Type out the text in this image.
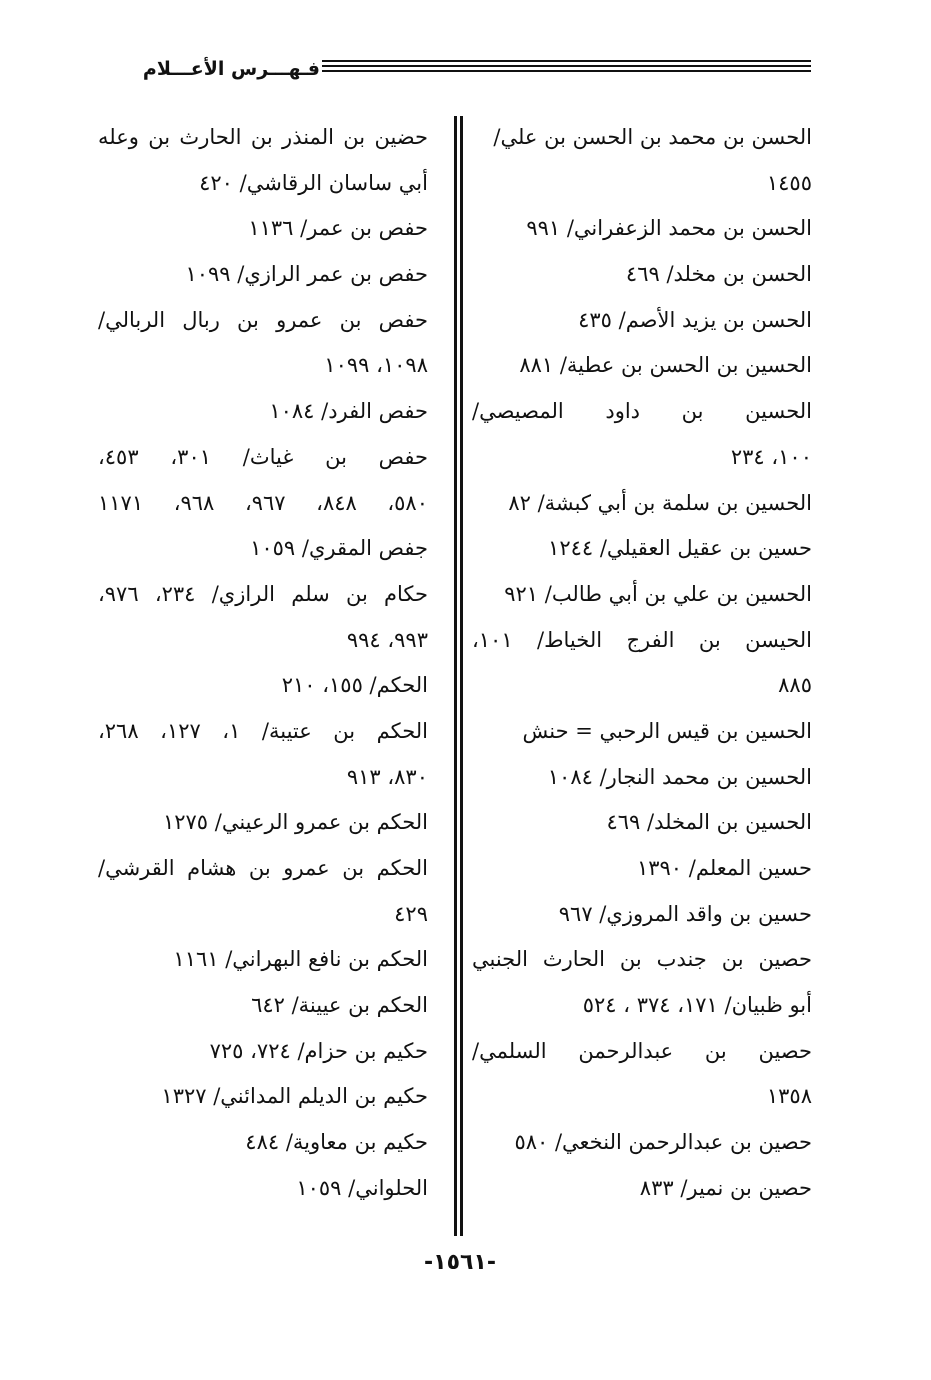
فـهـــرس الأعـــلام
الحسن بن محمد بن الحسن بن علي/
١٤٥٥
الحسن بن محمد الزعفراني/ ٩٩١
الحسن بن مخلد/ ٤٦٩
الحسن بن يزيد الأصم/ ٤٣٥
الحسين بن الحسن بن عطية/ ٨٨١
الحسين بن داود المصيصي/
١٠٠، ٢٣٤
الحسين بن سلمة بن أبي كبشة/ ٨٢
حسين بن عقيل العقيلي/ ١٢٤٤
الحسين بن علي بن أبي طالب/ ٩٢١
الحيسن بن الفرج الخياط/ ١٠١،
٨٨٥
الحسين بن قيس الرحبي = حنش
الحسين بن محمد النجار/ ١٠٨٤
الحسين بن المخلد/ ٤٦٩
حسين المعلم/ ١٣٩٠
حسين بن واقد المروزي/ ٩٦٧
حصين بن جندب بن الحارث الجنبي
أبو ظبيان/ ١٧١، ٣٧٤ ، ٥٢٤
حصين بن عبدالرحمن السلمي/
١٣٥٨
حصين بن عبدالرحمن النخعي/ ٥٨٠
حصين بن نمير/ ٨٣٣
حضين بن المنذر بن الحارث بن وعله
أبي ساسان الرقاشي/ ٤٢٠
حفص بن عمر/ ١١٣٦
حفص بن عمر الرازي/ ١٠٩٩
حفص بن عمرو بن ربال الربالي/
١٠٩٨، ١٠٩٩
حفص الفرد/ ١٠٨٤
حفص بن غياث/ ٣٠١، ٤٥٣،
٥٨٠، ٨٤٨، ٩٦٧، ٩٦٨، ١١٧١
جفص المقري/ ١٠٥٩
حكام بن سلم الرازي/ ٢٣٤، ٩٧٦،
٩٩٣، ٩٩٤
الحكم/ ١٥٥، ٢١٠
الحكم بن عتيبة/ ١، ١٢٧، ٢٦٨،
٨٣٠، ٩١٣
الحكم بن عمرو الرعيني/ ١٢٧٥
الحكم بن عمرو بن هشام القرشي/
٤٢٩
الحكم بن نافع البهراني/ ١١٦١
الحكم بن عيينة/ ٦٤٢
حكيم بن حزام/ ٧٢٤، ٧٢٥
حكيم بن الديلم المدائني/ ١٣٢٧
حكيم بن معاوية/ ٤٨٤
الحلواني/ ١٠٥٩
-١٥٦١-
